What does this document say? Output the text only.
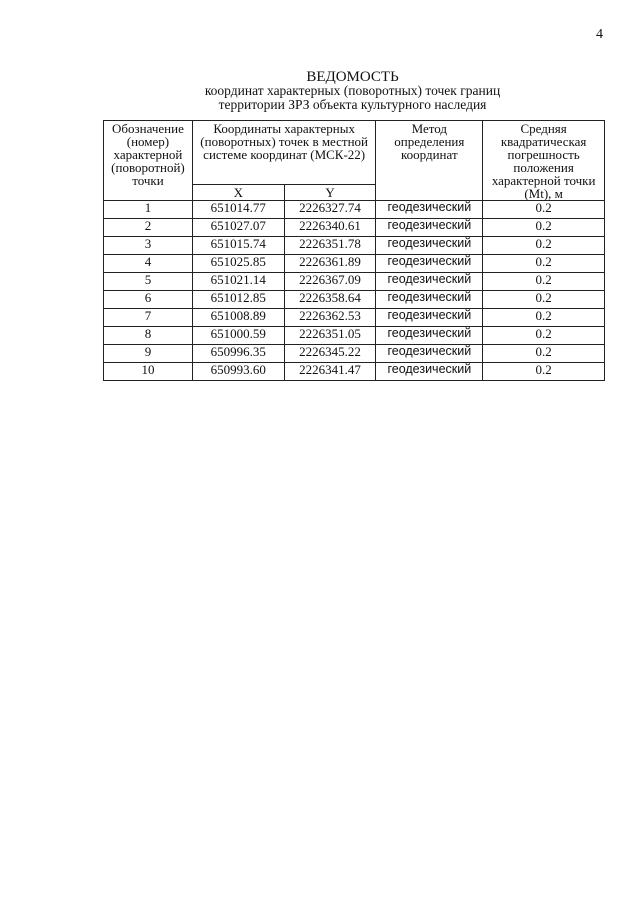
4
ВЕДОМОСТЬ
координат характерных (поворотных) точек границ
территории ЗРЗ объекта культурного наследия
Обозначение (номер) характерной (поворотной) точки	Координаты характерных (поворотных) точек в местной системе координат (МСК-22)		Метод определения координат	Средняя квадратическая погрешность положения характерной точки (Mt), м
	X	Y		
1	651014.77	2226327.74	геодезический	0.2
2	651027.07	2226340.61	геодезический	0.2
3	651015.74	2226351.78	геодезический	0.2
4	651025.85	2226361.89	геодезический	0.2
5	651021.14	2226367.09	геодезический	0.2
6	651012.85	2226358.64	геодезический	0.2
7	651008.89	2226362.53	геодезический	0.2
8	651000.59	2226351.05	геодезический	0.2
9	650996.35	2226345.22	геодезический	0.2
10	650993.60	2226341.47	геодезический	0.2
